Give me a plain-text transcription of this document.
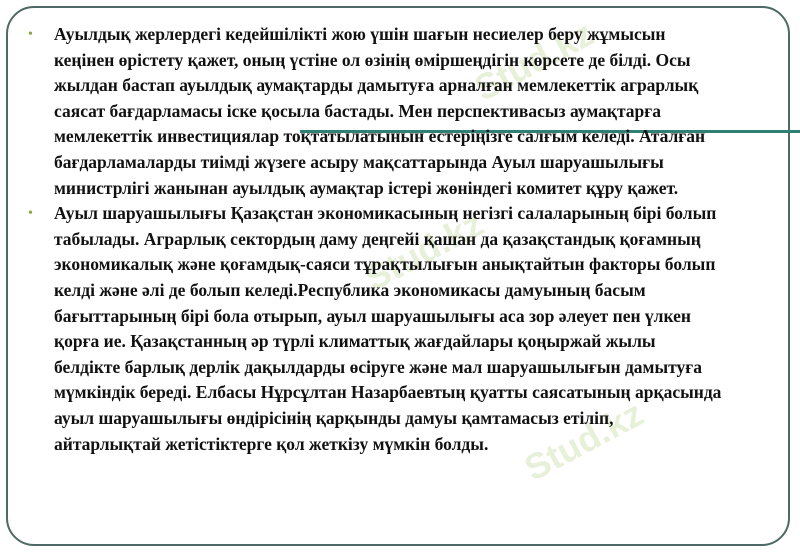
Stud.kz
Stud.kz
Stud.kz
• Ауылдық жерлердегі кедейшілікті жою үшін шағын несиелер беру жұмысын кеңінен өрістету қажет, оның үстіне ол өзінің өміршеңдігін көрсете де білді. Осы жылдан бастап ауылдық аумақтарды дамытуға арналған мемлекеттік аграрлық саясат бағдарламасы іске қосыла бастады. Мен перспективасыз аумақтарға мемлекеттік инвестициялар тоқтатылатынын естеріңізге салғым келеді. Аталған бағдарламаларды тиімді жүзеге асыру мақсаттарында Ауыл шаруашылығы министрлігі жанынан ауылдық аумақтар істері жөніндегі комитет құру қажет.
• Ауыл шаруашылығы Қазақстан экономикасының негізгі салаларының бірі болып табылады. Аграрлық сектордың даму деңгейі қашан да қазақстандық қоғамның экономикалық және қоғамдық-саяси тұрақтылығын анықтайтын факторы болып келді және әлі де болып келеді.Республика экономикасы дамуының басым бағыттарының бірі бола отырып, ауыл шаруашылығы аса зор әлеует пен үлкен қорға ие. Қазақстанның әр түрлі климаттық жағдайлары қоңыржай жылы белдікте барлық дерлік дақылдарды өсіруге және мал шаруашылығын дамытуға мүмкіндік береді. Елбасы Нұрсұлтан Назарбаевтың қуатты саясатының арқасында ауыл шаруашылығы өндірісінің қарқынды дамуы қамтамасыз етіліп, айтарлықтай жетістіктерге қол жеткізу мүмкін болды.
